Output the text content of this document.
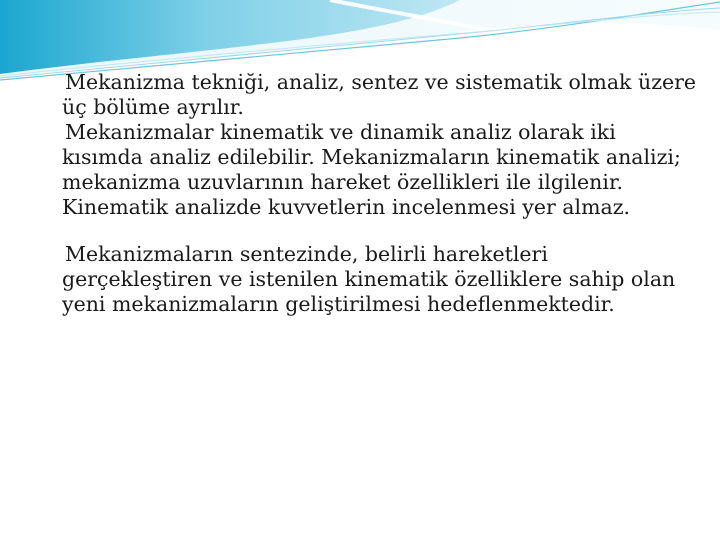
Mekanizma tekniği, analiz, sentez ve sistematik olmak üzere üç bölüme ayrılır.

Mekanizmalar kinematik ve dinamik analiz olarak iki kısımda analiz edilebilir. Mekanizmaların kinematik analizi; mekanizma uzuvlarının hareket özellikleri ile ilgilenir. Kinematik analizde kuvvetlerin incelenmesi yer almaz.

Mekanizmaların sentezinde, belirli hareketleri gerçekleştiren ve istenilen kinematik özelliklere sahip olan yeni mekanizmaların geliştirilmesi hedeflenmektedir.
